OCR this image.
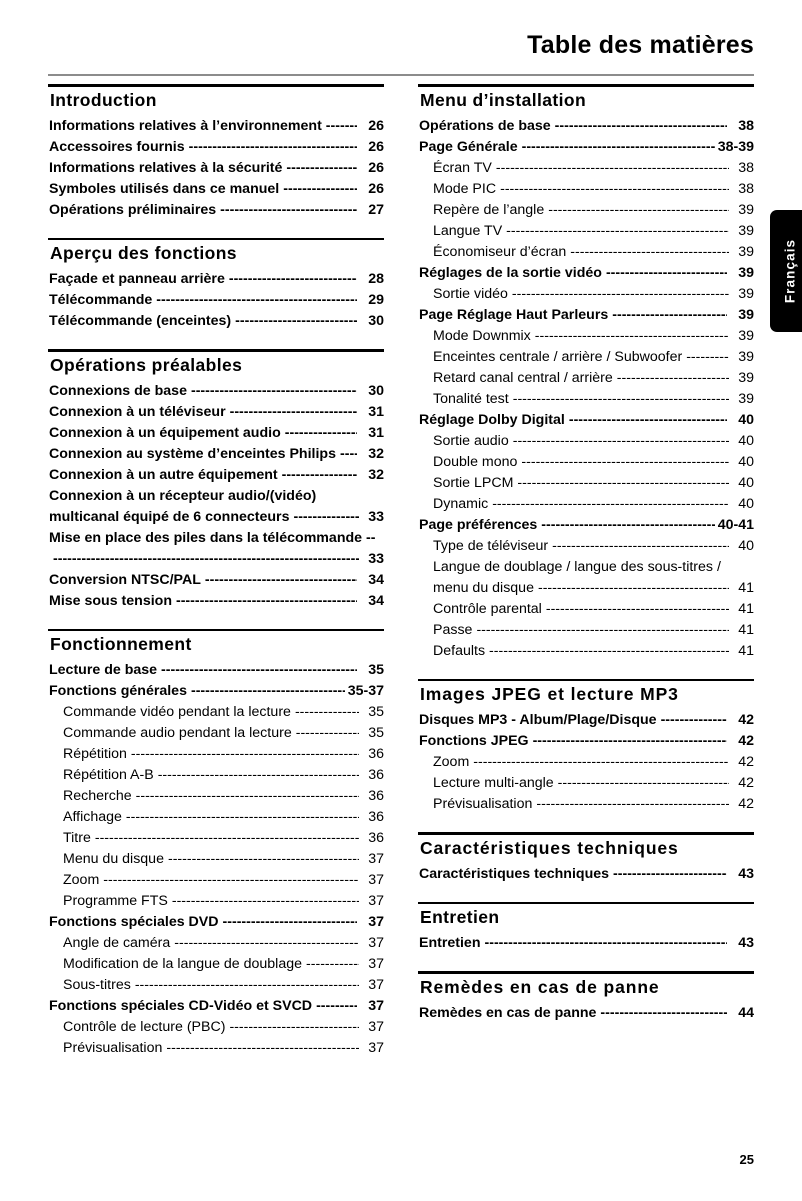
Table des matières
Français
Introduction
Informations relatives à l’environnement -----	26
Accessoires fournis -----	26
Informations relatives à la sécurité -----	26
Symboles utilisés dans ce manuel -----	26
Opérations préliminaires -----	27
Aperçu des fonctions
Façade et panneau arrière -----	28
Télécommande -----	29
Télécommande (enceintes) -----	30
Opérations préalables
Connexions de base -----	30
Connexion à un téléviseur -----	31
Connexion à un équipement audio -----	31
Connexion au système d’enceintes Philips -----	32
Connexion à un autre équipement -----	32
Connexion à un récepteur audio/(vidéo)
multicanal équipé de 6 connecteurs -----	33
Mise en place des piles dans la télécommande --
-----
33
Conversion NTSC/PAL -----	34
Mise sous tension -----	34
Fonctionnement
Lecture de base -----	35
Fonctions générales -----	35-37
Commande vidéo pendant la lecture -----	35
Commande audio pendant la lecture -----	35
Répétition -----	36
Répétition A-B -----	36
Recherche -----	36
Affichage -----	36
Titre -----	36
Menu du disque -----	37
Zoom -----	37
Programme FTS -----	37
Fonctions spéciales DVD -----	37
Angle de caméra -----	37
Modification de la langue de doublage -----	37
Sous-titres -----	37
Fonctions spéciales CD-Vidéo et SVCD -----	37
Contrôle de lecture (PBC) -----	37
Prévisualisation -----	37
Menu d’installation
Opérations de base -----	38
Page Générale -----	38-39
Écran TV -----	38
Mode PIC -----	38
Repère de l’angle -----	39
Langue TV -----	39
Économiseur d’écran -----	39
Réglages de la sortie vidéo -----	39
Sortie vidéo -----	39
Page Réglage Haut Parleurs -----	39
Mode Downmix -----	39
Enceintes centrale / arrière / Subwoofer -----	39
Retard canal central / arrière -----	39
Tonalité test -----	39
Réglage Dolby Digital -----	40
Sortie audio -----	40
Double mono -----	40
Sortie LPCM -----	40
Dynamic -----	40
Page préférences -----	40-41
Type de téléviseur -----	40
Langue de doublage / langue des sous-titres /
menu du disque -----	41
Contrôle parental -----	41
Passe -----	41
Defaults -----	41
Images JPEG et lecture MP3
Disques MP3 - Album/Plage/Disque -----	42
Fonctions JPEG -----	42
Zoom -----	42
Lecture multi-angle -----	42
Prévisualisation -----	42
Caractéristiques techniques
Caractéristiques techniques -----	43
Entretien
Entretien -----	43
Remèdes en cas de panne
Remèdes en cas de panne -----	44
25
